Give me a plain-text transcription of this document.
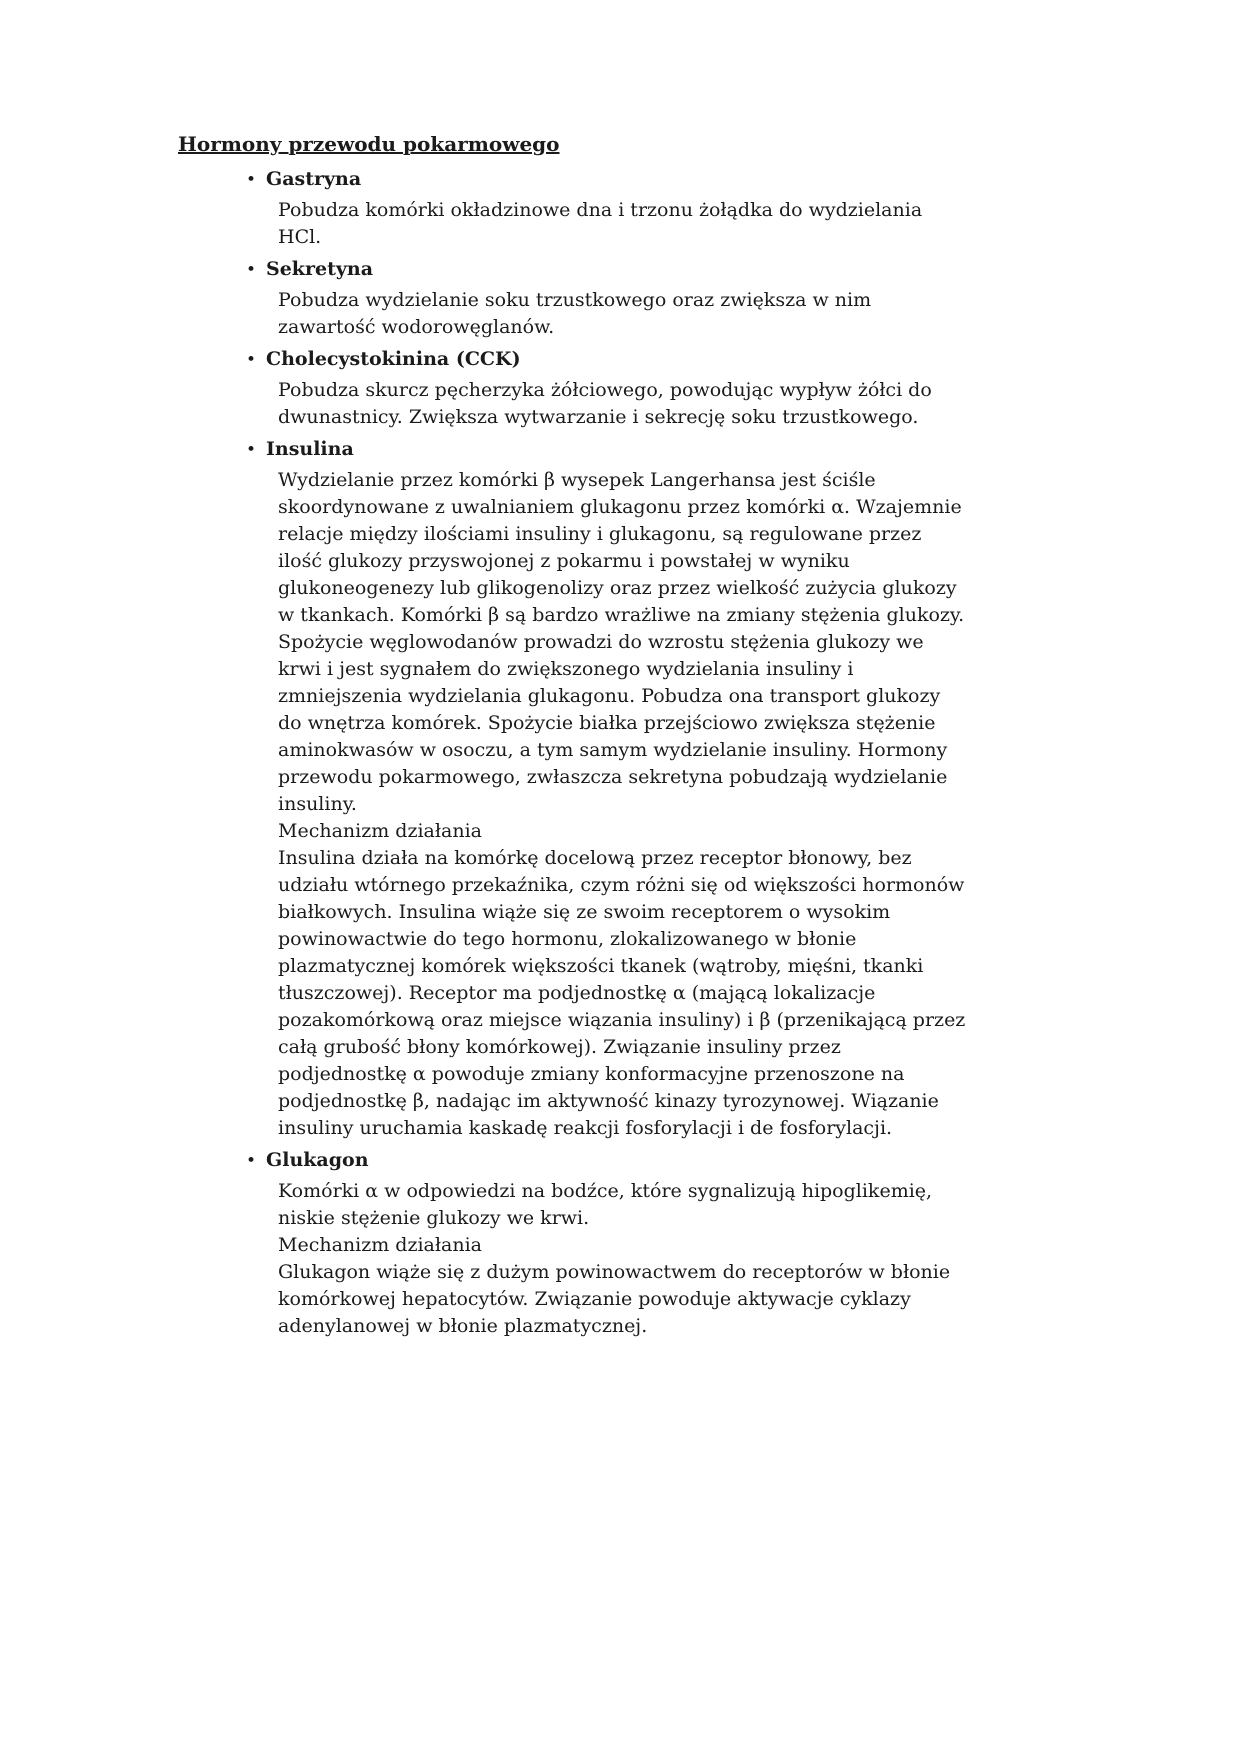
Hormony przewodu pokarmowego
• Gastryna

Pobudza komórki okładzinowe dna i trzonu żołądka do wydzielania HCl.

• Sekretyna

Pobudza wydzielanie soku trzustkowego oraz zwiększa w nim zawartość wodorowęglanów.

• Cholecystokinina (CCK)

Pobudza skurcz pęcherzyka żółciowego, powodując wypływ żółci do dwunastnicy. Zwiększa wytwarzanie i sekrecję soku trzustkowego.

• Insulina

Wydzielanie przez komórki β wysepek Langerhansa jest ściśle skoordynowane z uwalnianiem glukagonu przez komórki α. Wzajemnie relacje między ilościami insuliny i glukagonu, są regulowane przez ilość glukozy przyswojonej z pokarmu i powstałej w wyniku glukoneogenezy lub glikogenolizy oraz przez wielkość zużycia glukozy w tkankach. Komórki β są bardzo wrażliwe na zmiany stężenia glukozy. Spożycie węglowodanów prowadzi do wzrostu stężenia glukozy we krwi i jest sygnałem do zwiększonego wydzielania insuliny i zmniejszenia wydzielania glukagonu. Pobudza ona transport glukozy do wnętrza komórek. Spożycie białka przejściowo zwiększa stężenie aminokwasów w osoczu, a tym samym wydzielanie insuliny. Hormony przewodu pokarmowego, zwłaszcza sekretyna pobudzają wydzielanie insuliny.

Mechanizm działania

Insulina działa na komórkę docelową przez receptor błonowy, bez udziału wtórnego przekaźnika, czym różni się od większości hormonów białkowych. Insulina wiąże się ze swoim receptorem o wysokim powinowactwie do tego hormonu, zlokalizowanego w błonie plazmatycznej komórek większości tkanek (wątroby, mięśni, tkanki tłuszczowej). Receptor ma podjednostkę α (mającą lokalizacje pozakomórkową oraz miejsce wiązania insuliny) i β (przenikającą przez całą grubość błony komórkowej). Związanie insuliny przez podjednostkę α powoduje zmiany konformacyjne przenoszone na podjednostkę β, nadając im aktywność kinazy tyrozynowej. Wiązanie insuliny uruchamia kaskadę reakcji fosforylacji i de fosforylacji.

• Glukagon

Komórki α w odpowiedzi na bodźce, które sygnalizują hipoglikemię, niskie stężenie glukozy we krwi.

Mechanizm działania

Glukagon wiąże się z dużym powinowactwem do receptorów w błonie komórkowej hepatocytów. Związanie powoduje aktywacje cyklazy adenylanowej w błonie plazmatycznej.
